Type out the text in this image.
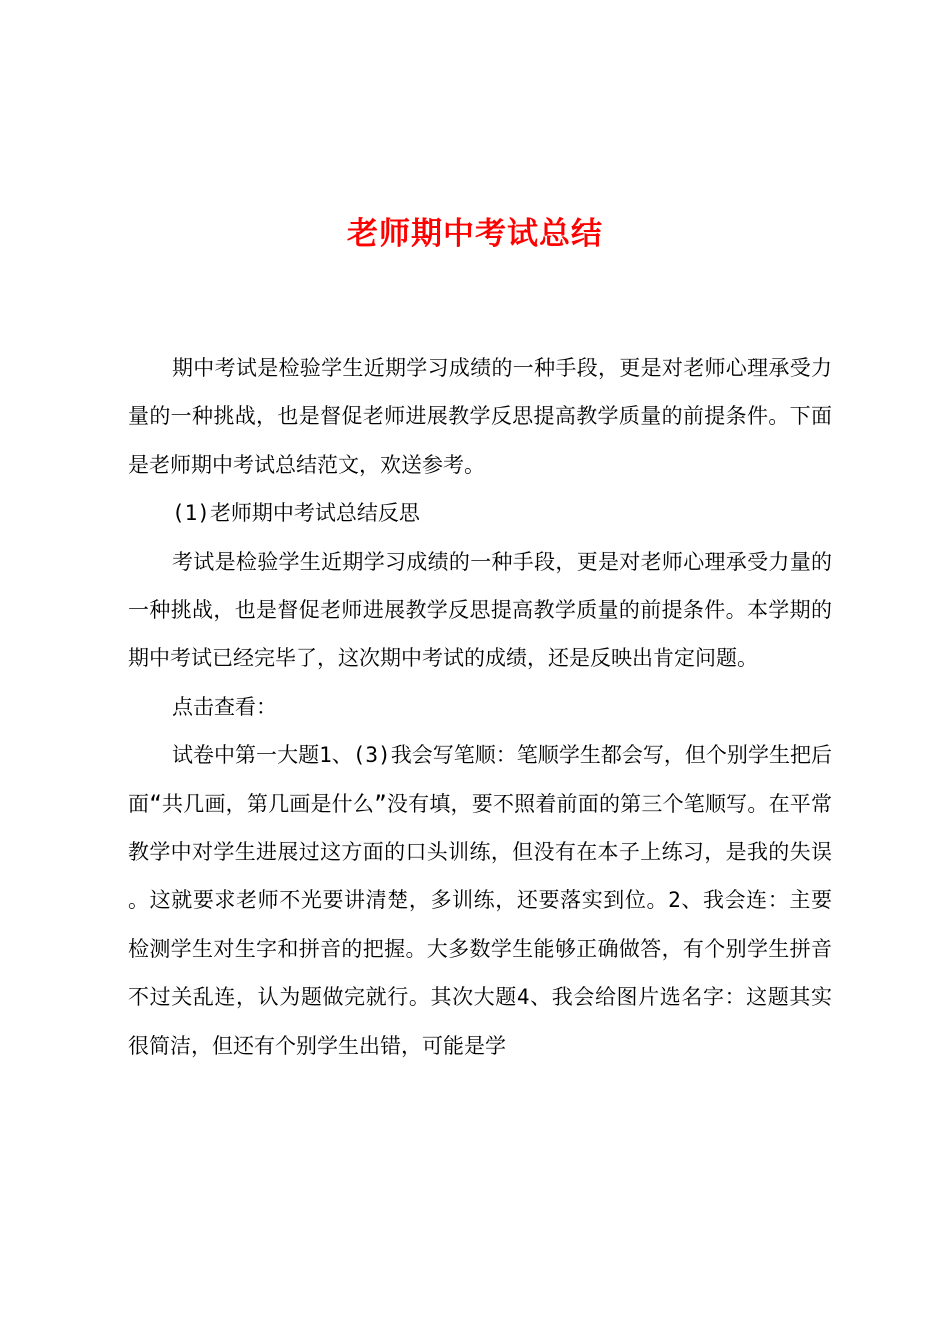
老师期中考试总结

期中考试是检验学生近期学习成绩的一种手段，更是对老师心理承受力量的一种挑战，也是督促老师进展教学反思提高教学质量的前提条件。下面是老师期中考试总结范文，欢送参考。

(1)老师期中考试总结反思

考试是检验学生近期学习成绩的一种手段，更是对老师心理承受力量的一种挑战，也是督促老师进展教学反思提高教学质量的前提条件。本学期的期中考试已经完毕了，这次期中考试的成绩，还是反映出肯定问题。

点击查看：

试卷中第一大题1、(3)我会写笔顺：笔顺学生都会写，但个别学生把后面“共几画，第几画是什么”没有填，要不照着前面的第三个笔顺写。在平常教学中对学生进展过这方面的口头训练，但没有在本子上练习，是我的失误。这就要求老师不光要讲清楚，多训练，还要落实到位。2、我会连：主要检测学生对生字和拼音的把握。大多数学生能够正确做答，有个别学生拼音不过关乱连，认为题做完就行。其次大题4、我会给图片选名字：这题其实很简洁，但还有个别学生出错，可能是学
